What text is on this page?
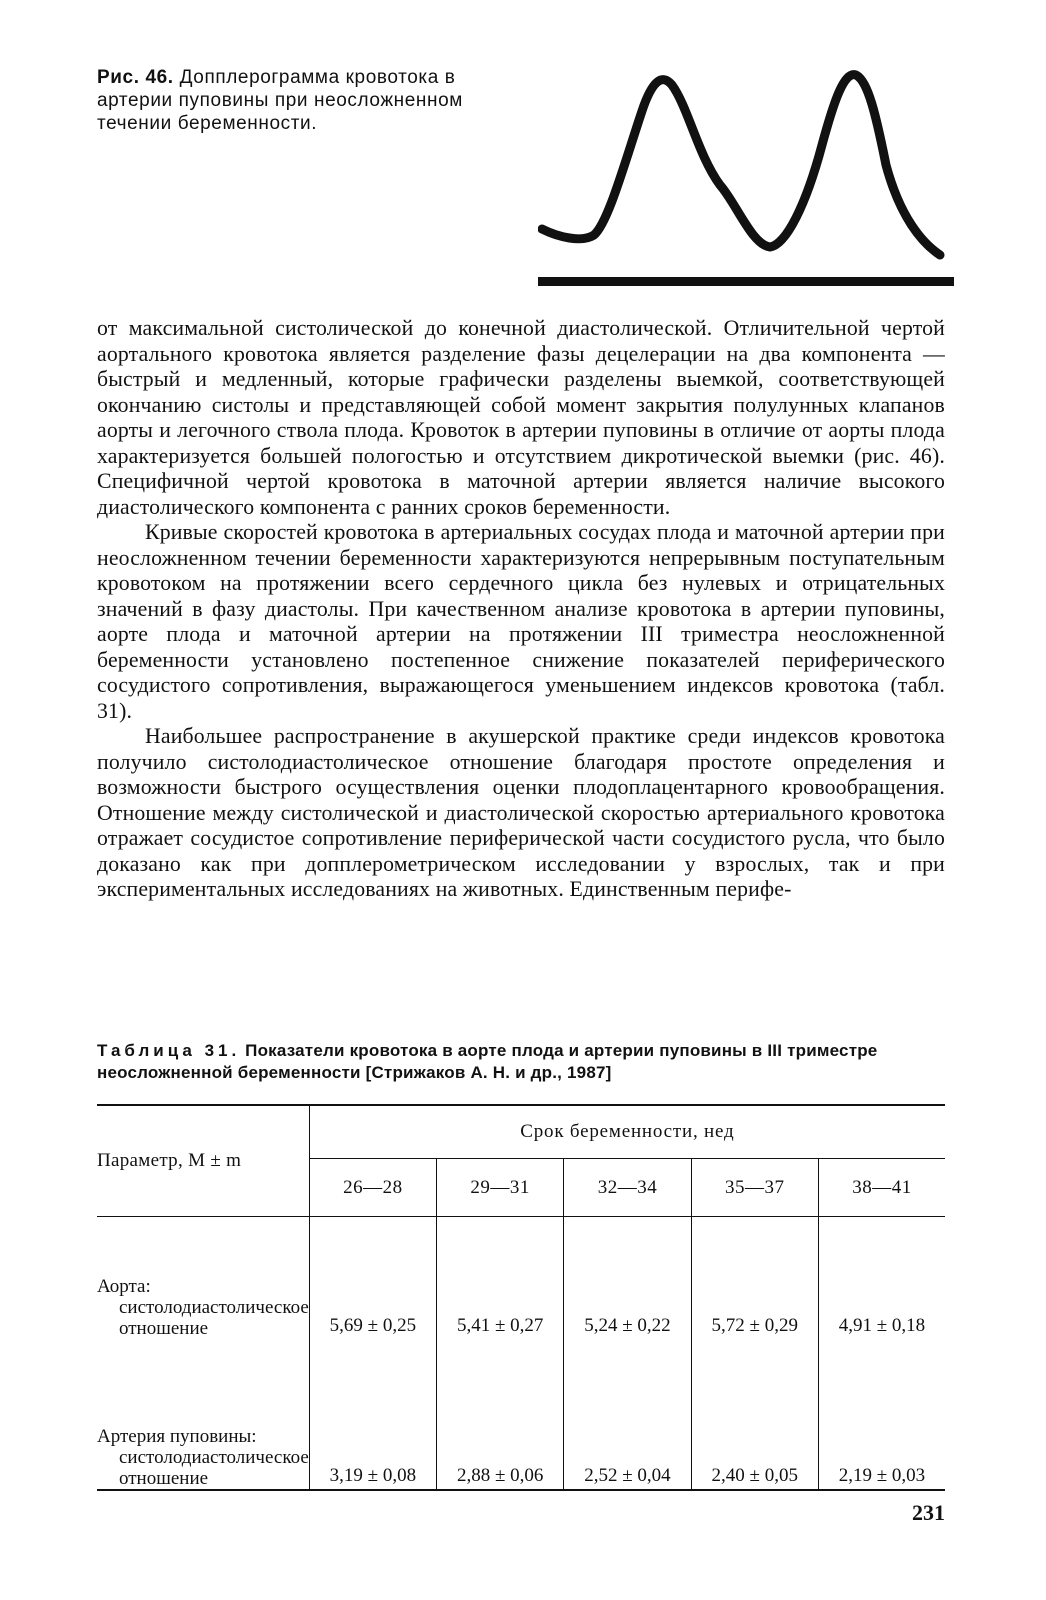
Рис. 46. Допплерограмма кровотока в
артерии пуповины при неосложненном
течении беременности.

от максимальной систолической до конечной диастолической. Отличительной чертой аортального кровотока является разделение фазы децелерации на два компонента — быстрый и медленный, которые графически разделены выемкой, соответствующей окончанию систолы и представляющей собой момент закрытия полулунных клапанов аорты и легочного ствола плода. Кровоток в артерии пуповины в отличие от аорты плода характеризуется большей пологостью и отсутствием дикротической выемки (рис. 46). Специфичной чертой кровотока в маточной артерии является наличие высокого диастолического компонента с ранних сроков беременности.

Кривые скоростей кровотока в артериальных сосудах плода и маточной артерии при неосложненном течении беременности характеризуются непрерывным поступательным кровотоком на протяжении всего сердечного цикла без нулевых и отрицательных значений в фазу диастолы. При качественном анализе кровотока в артерии пуповины, аорте плода и маточной артерии на протяжении III триместра неосложненной беременности установлено постепенное снижение показателей периферического сосудистого сопротивления, выражающегося уменьшением индексов кровотока (табл. 31).

Наибольшее распространение в акушерской практике среди индексов кровотока получило систолодиастолическое отношение благодаря простоте определения и возможности быстрого осуществления оценки плодоплацентарного кровообращения. Отношение между систолической и диастолической скоростью артериального кровотока отражает сосудистое сопротивление периферической части сосудистого русла, что было доказано как при допплерометрическом исследовании у взрослых, так и при экспериментальных исследованиях на животных. Единственным перифе-

Таблица 31. Показатели кровотока в аорте плода и артерии пуповины в III триместре неосложненной беременности [Стрижаков А. Н. и др., 1987]
Параметр, M ± m	Срок беременности, нед				
	26—28	29—31	32—34	35—37	38—41

Аорта:
систолодиастолическое отношение	5,69 ± 0,25	5,41 ± 0,27	5,24 ± 0,22	5,72 ± 0,29	4,91 ± 0,18

Артерия пуповины:
систолодиастолическое отношение	3,19 ± 0,08	2,88 ± 0,06	2,52 ± 0,04	2,40 ± 0,05	2,19 ± 0,03
231
